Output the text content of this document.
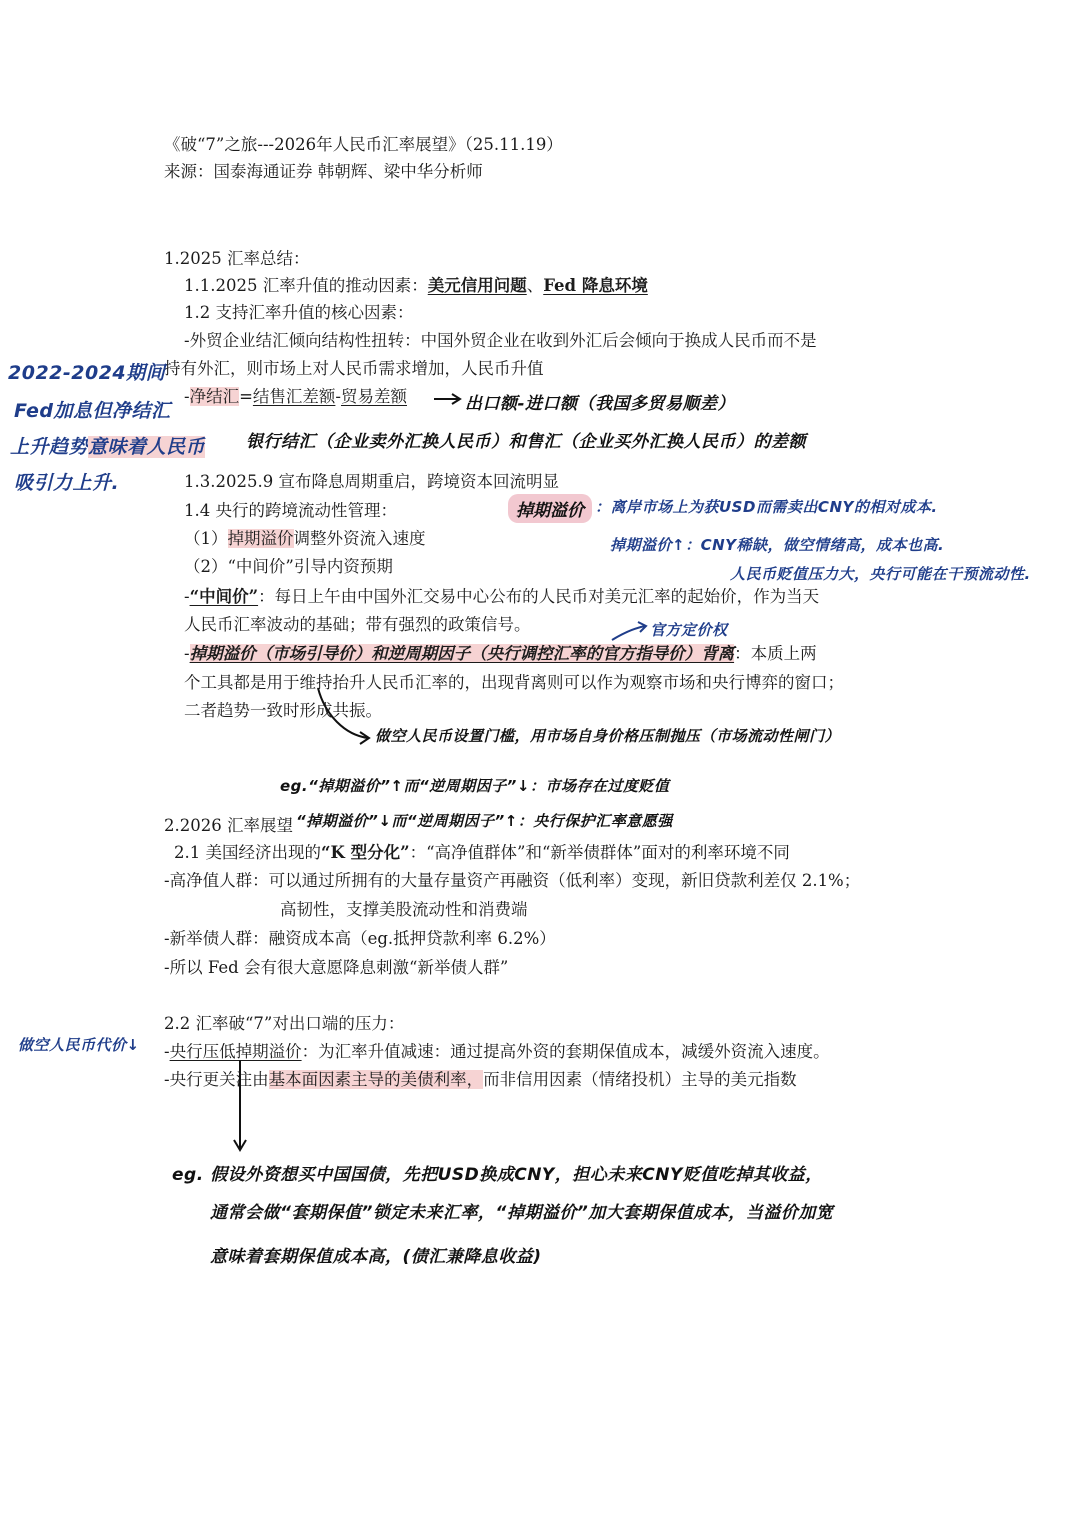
《破“7”之旅---2026年人民币汇率展望》（25.11.19）
来源：国泰海通证券 韩朝辉、梁中华分析师
1.2025 汇率总结：
1.1.2025 汇率升值的推动因素：美元信用问题、Fed 降息环境
1.2 支持汇率升值的核心因素：
-外贸企业结汇倾向结构性扭转：中国外贸企业在收到外汇后会倾向于换成人民币而不是
持有外汇，则市场上对人民币需求增加，人民币升值
-净结汇=结售汇差额-贸易差额
1.3.2025.9 宣布降息周期重启，跨境资本回流明显
1.4 央行的跨境流动性管理：
（1）掉期溢价调整外资流入速度
（2）“中间价”引导内资预期
-“中间价”：每日上午由中国外汇交易中心公布的人民币对美元汇率的起始价，作为当天
人民币汇率波动的基础；带有强烈的政策信号。
-掉期溢价（市场引导价）和逆周期因子（央行调控汇率的官方指导价）背离：本质上两
个工具都是用于维持抬升人民币汇率的，出现背离则可以作为观察市场和央行博弈的窗口；
二者趋势一致时形成共振。
2.2026 汇率展望
2.1 美国经济出现的“K 型分化”：“高净值群体”和“新举债群体”面对的利率环境不同
-高净值人群：可以通过所拥有的大量存量资产再融资（低利率）变现，新旧贷款利差仅 2.1%；
高韧性，支撑美股流动性和消费端
-新举债人群：融资成本高（eg.抵押贷款利率 6.2%）
-所以 Fed 会有很大意愿降息刺激“新举债人群”
2.2 汇率破“7”对出口端的压力：
-央行压低掉期溢价：为汇率升值减速：通过提高外资的套期保值成本，减缓外资流入速度。
-央行更关注由基本面因素主导的美债利率，而非信用因素（情绪投机）主导的美元指数
2022-2024期间
Fed加息但净结汇
上升趋势意味着人民币
吸引力上升.
出口额-进口额（我国多贸易顺差）
银行结汇（企业卖外汇换人民币）和售汇（企业买外汇换人民币）的差额
掉期溢价 ：离岸市场上为获USD而需卖出CNY的相对成本.
掉期溢价↑：CNY稀缺，做空情绪高，成本也高.
人民币贬值压力大，央行可能在干预流动性.
官方定价权
做空人民币设置门槛，用市场自身价格压制抛压（市场流动性闸门）
eg.“掉期溢价”↑而“逆周期因子”↓：市场存在过度贬值
“掉期溢价”↓而“逆周期因子”↑：央行保护汇率意愿强
做空人民币代价↓
eg. 假设外资想买中国国债，先把USD换成CNY，担心未来CNY贬值吃掉其收益，
通常会做“套期保值”锁定未来汇率，“掉期溢价”加大套期保值成本，当溢价加宽
意味着套期保值成本高，(债汇兼降息收益)
